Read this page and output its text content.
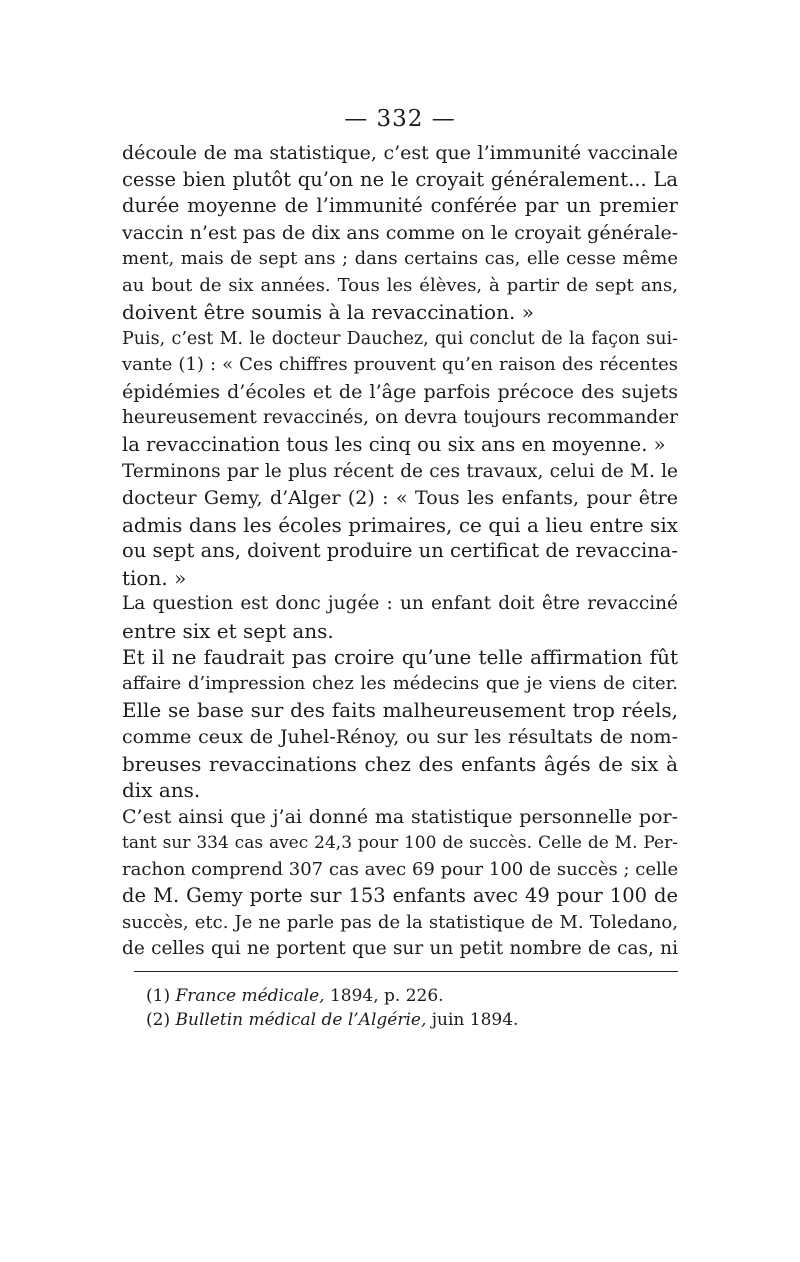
— 332 —
découle de ma statistique, c’est que l’immunité vaccinale
cesse bien plutôt qu’on ne le croyait généralement... La
durée moyenne de l’immunité conférée par un premier
vaccin n’est pas de dix ans comme on le croyait générale-
ment, mais de sept ans ; dans certains cas, elle cesse même
au bout de six années. Tous les élèves, à partir de sept ans,
doivent être soumis à la revaccination. »
Puis, c’est M. le docteur Dauchez, qui conclut de la façon sui-
vante (1) : « Ces chiffres prouvent qu’en raison des récentes
épidémies d’écoles et de l’âge parfois précoce des sujets
heureusement revaccinés, on devra toujours recommander
la revaccination tous les cinq ou six ans en moyenne. »
Terminons par le plus récent de ces travaux, celui de M. le
docteur Gemy, d’Alger (2) : « Tous les enfants, pour être
admis dans les écoles primaires, ce qui a lieu entre six
ou sept ans, doivent produire un certificat de revaccina-
tion. »
La question est donc jugée : un enfant doit être revacciné
entre six et sept ans.
Et il ne faudrait pas croire qu’une telle affirmation fût
affaire d’impression chez les médecins que je viens de citer.
Elle se base sur des faits malheureusement trop réels,
comme ceux de Juhel-Rénoy, ou sur les résultats de nom-
breuses revaccinations chez des enfants âgés de six à
dix ans.
C’est ainsi que j’ai donné ma statistique personnelle por-
tant sur 334 cas avec 24,3 pour 100 de succès. Celle de M. Per-
rachon comprend 307 cas avec 69 pour 100 de succès ; celle
de M. Gemy porte sur 153 enfants avec 49 pour 100 de
succès, etc. Je ne parle pas de la statistique de M. Toledano,
de celles qui ne portent que sur un petit nombre de cas, ni
(1) France médicale, 1894, p. 226.
(2) Bulletin médical de l’Algérie, juin 1894.
